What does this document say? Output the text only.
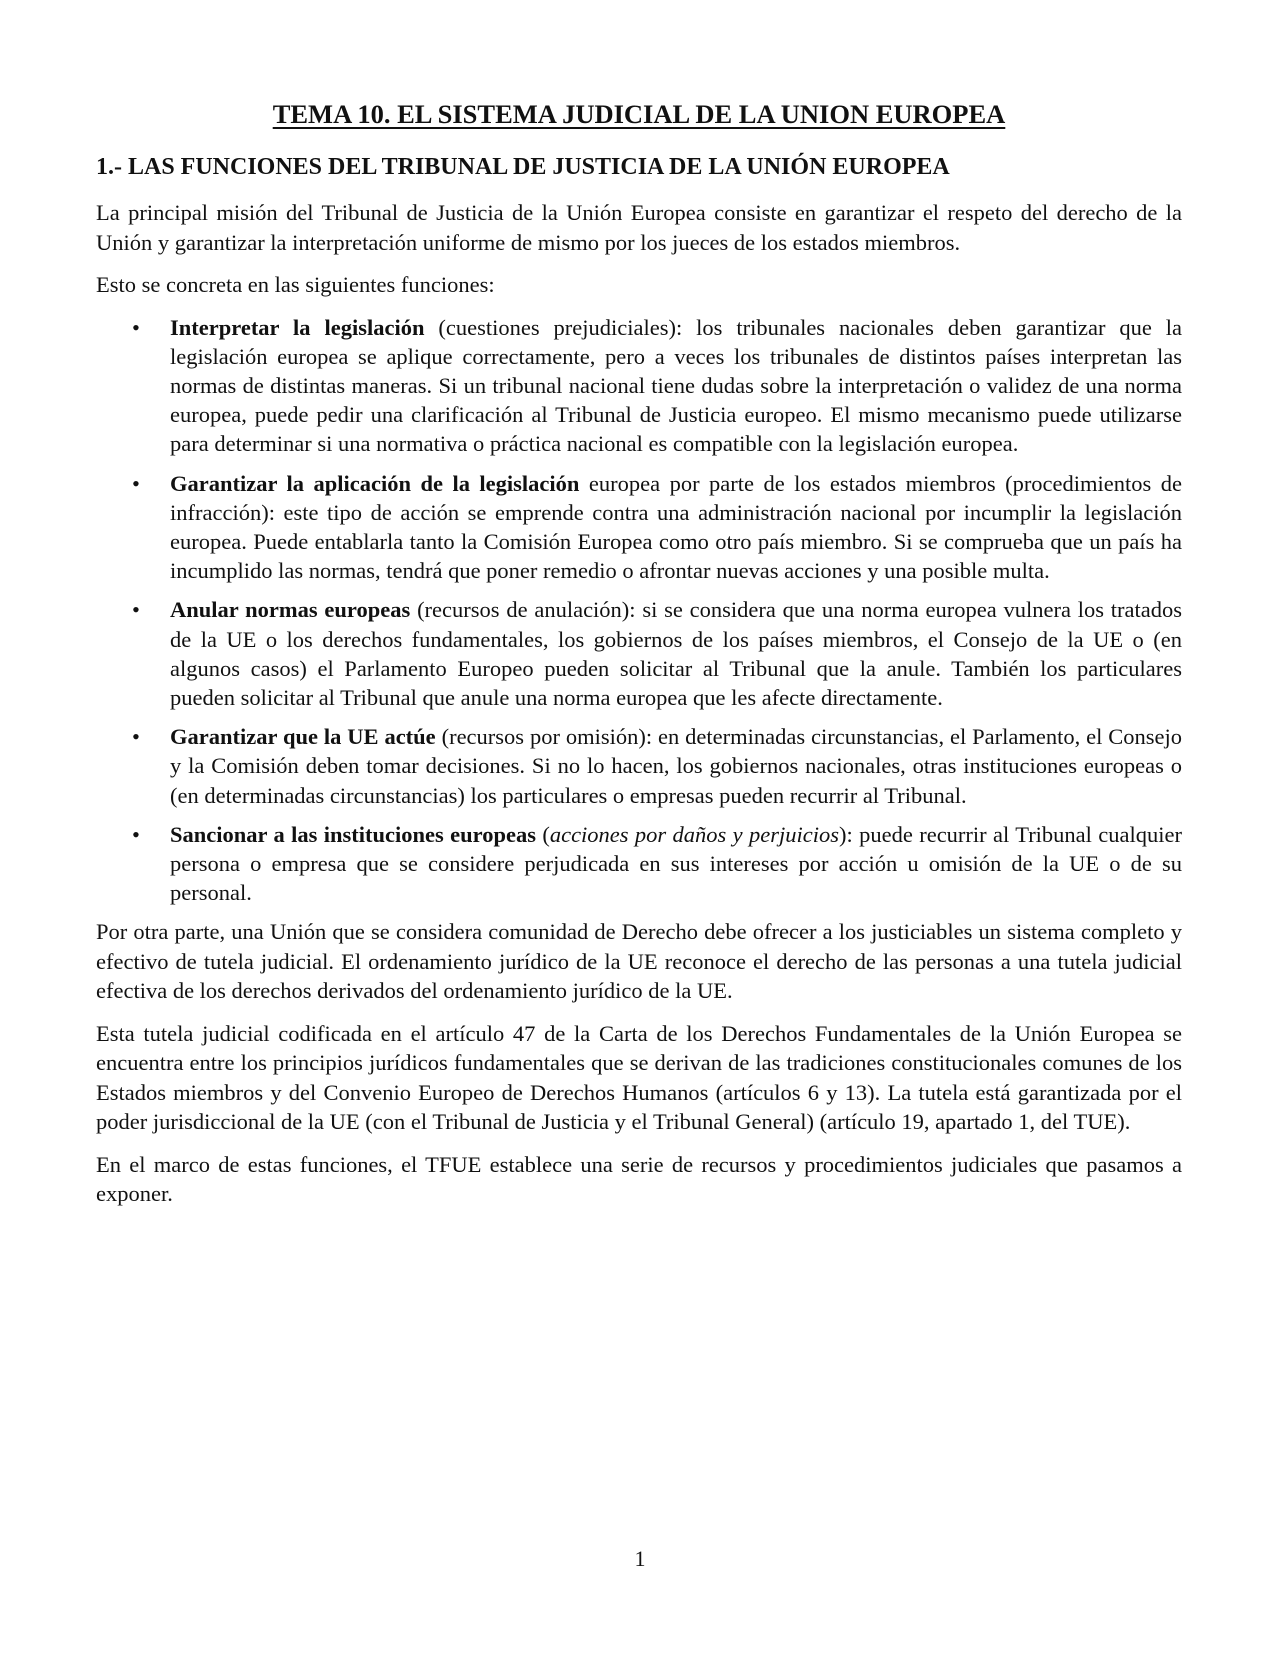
TEMA 10. EL SISTEMA JUDICIAL DE LA UNION EUROPEA
1.- LAS FUNCIONES DEL TRIBUNAL DE JUSTICIA DE LA UNIÓN EUROPEA

La principal misión del Tribunal de Justicia de la Unión Europea consiste en garantizar el respeto del derecho de la Unión y garantizar la interpretación uniforme de mismo por los jueces de los estados miembros.

Esto se concreta en las siguientes funciones:

• Interpretar la legislación (cuestiones prejudiciales): los tribunales nacionales deben garantizar que la legislación europea se aplique correctamente, pero a veces los tribunales de distintos países interpretan las normas de distintas maneras. Si un tribunal nacional tiene dudas sobre la interpretación o validez de una norma europea, puede pedir una clarificación al Tribunal de Justicia europeo. El mismo mecanismo puede utilizarse para determinar si una normativa o práctica nacional es compatible con la legislación europea.
• Garantizar la aplicación de la legislación europea por parte de los estados miembros (procedimientos de infracción): este tipo de acción se emprende contra una administración nacional por incumplir la legislación europea. Puede entablarla tanto la Comisión Europea como otro país miembro. Si se comprueba que un país ha incumplido las normas, tendrá que poner remedio o afrontar nuevas acciones y una posible multa.
• Anular normas europeas (recursos de anulación): si se considera que una norma europea vulnera los tratados de la UE o los derechos fundamentales, los gobiernos de los países miembros, el Consejo de la UE o (en algunos casos) el Parlamento Europeo pueden solicitar al Tribunal que la anule. También los particulares pueden solicitar al Tribunal que anule una norma europea que les afecte directamente.
• Garantizar que la UE actúe (recursos por omisión): en determinadas circunstancias, el Parlamento, el Consejo y la Comisión deben tomar decisiones. Si no lo hacen, los gobiernos nacionales, otras instituciones europeas o (en determinadas circunstancias) los particulares o empresas pueden recurrir al Tribunal.
• Sancionar a las instituciones europeas (acciones por daños y perjuicios): puede recurrir al Tribunal cualquier persona o empresa que se considere perjudicada en sus intereses por acción u omisión de la UE o de su personal.

Por otra parte, una Unión que se considera comunidad de Derecho debe ofrecer a los justiciables un sistema completo y efectivo de tutela judicial. El ordenamiento jurídico de la UE reconoce el derecho de las personas a una tutela judicial efectiva de los derechos derivados del ordenamiento jurídico de la UE.

Esta tutela judicial codificada en el artículo 47 de la Carta de los Derechos Fundamentales de la Unión Europea se encuentra entre los principios jurídicos fundamentales que se derivan de las tradiciones constitucionales comunes de los Estados miembros y del Convenio Europeo de Derechos Humanos (artículos 6 y 13). La tutela está garantizada por el poder jurisdiccional de la UE (con el Tribunal de Justicia y el Tribunal General) (artículo 19, apartado 1, del TUE).

En el marco de estas funciones, el TFUE establece una serie de recursos y procedimientos judiciales que pasamos a exponer.

1
